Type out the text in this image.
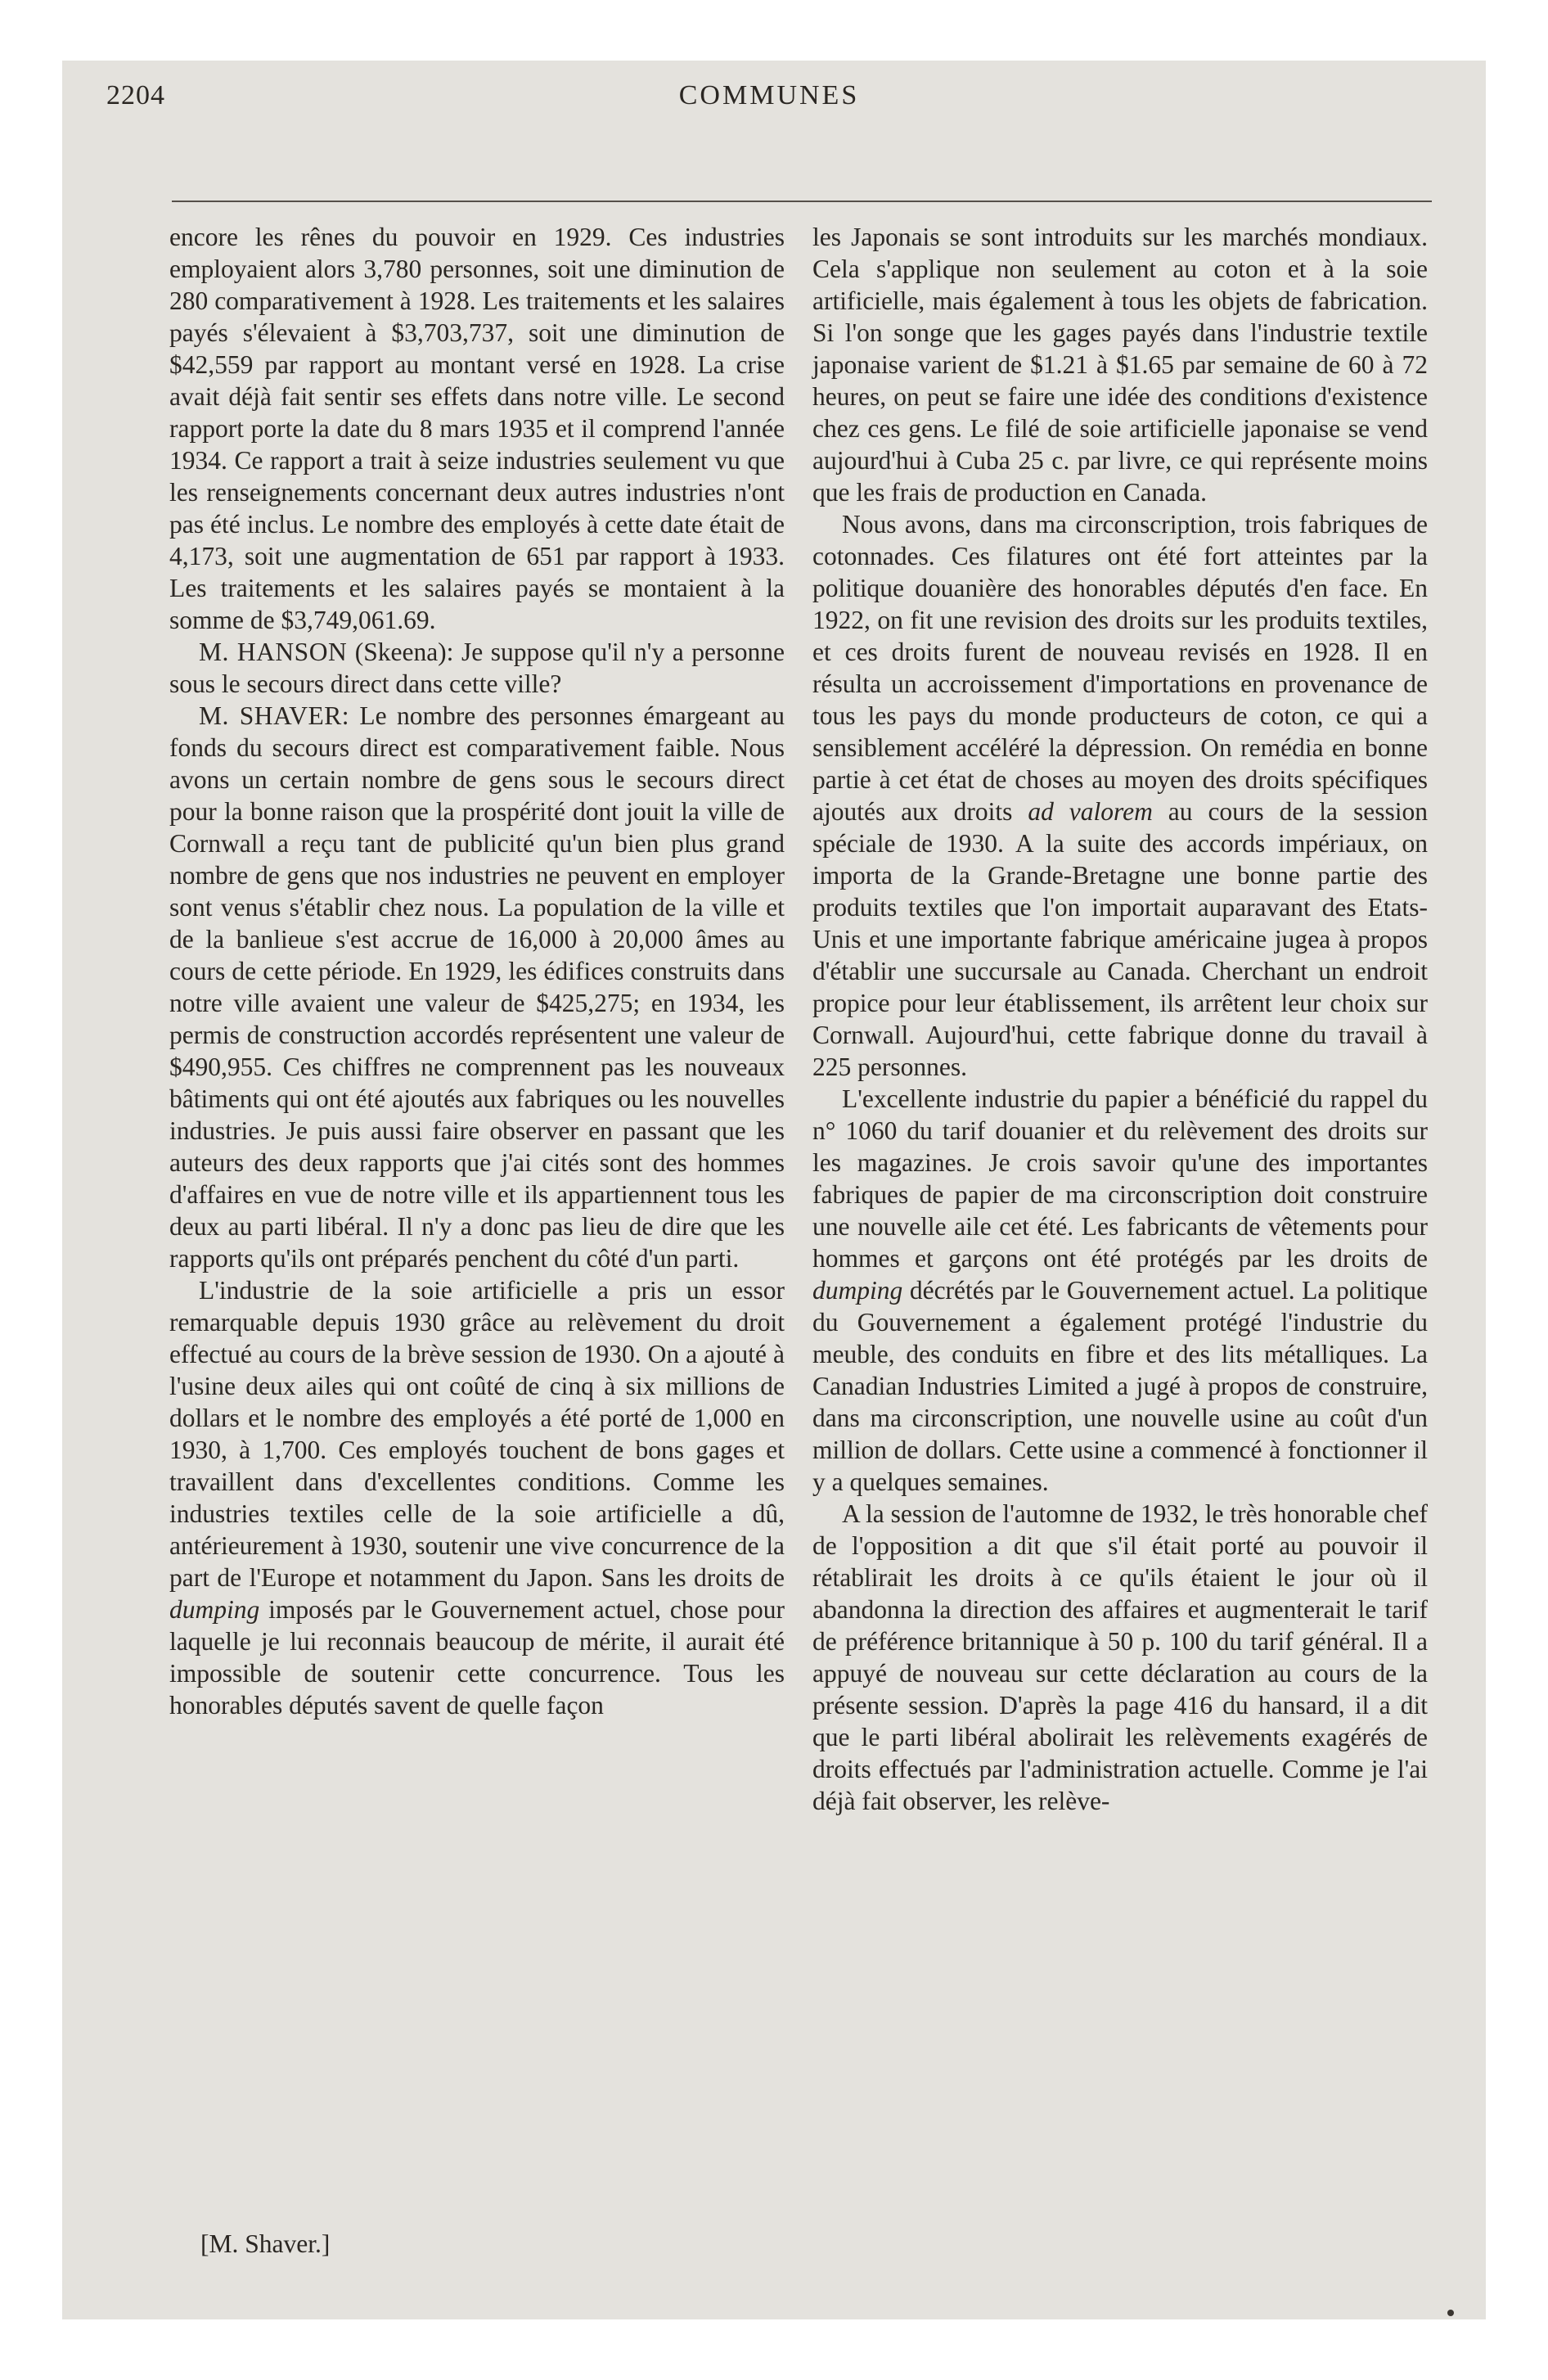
2204	COMMUNES

encore les rênes du pouvoir en 1929. Ces industries employaient alors 3,780 personnes, soit une diminution de 280 comparativement à 1928. Les traitements et les salaires payés s'élevaient à $3,703,737, soit une diminution de $42,559 par rapport au montant versé en 1928. La crise avait déjà fait sentir ses effets dans notre ville. Le second rapport porte la date du 8 mars 1935 et il comprend l'année 1934. Ce rapport a trait à seize industries seulement vu que les renseignements concernant deux autres industries n'ont pas été inclus. Le nombre des employés à cette date était de 4,173, soit une augmentation de 651 par rapport à 1933. Les traitements et les salaires payés se montaient à la somme de $3,749,061.69.

M. HANSON (Skeena): Je suppose qu'il n'y a personne sous le secours direct dans cette ville?

M. SHAVER: Le nombre des personnes émargeant au fonds du secours direct est comparativement faible. Nous avons un certain nombre de gens sous le secours direct pour la bonne raison que la prospérité dont jouit la ville de Cornwall a reçu tant de publicité qu'un bien plus grand nombre de gens que nos industries ne peuvent en employer sont venus s'établir chez nous. La population de la ville et de la banlieue s'est accrue de 16,000 à 20,000 âmes au cours de cette période. En 1929, les édifices construits dans notre ville avaient une valeur de $425,275; en 1934, les permis de construction accordés représentent une valeur de $490,955. Ces chiffres ne comprennent pas les nouveaux bâtiments qui ont été ajoutés aux fabriques ou les nouvelles industries. Je puis aussi faire observer en passant que les auteurs des deux rapports que j'ai cités sont des hommes d'affaires en vue de notre ville et ils appartiennent tous les deux au parti libéral. Il n'y a donc pas lieu de dire que les rapports qu'ils ont préparés penchent du côté d'un parti.

L'industrie de la soie artificielle a pris un essor remarquable depuis 1930 grâce au relèvement du droit effectué au cours de la brève session de 1930. On a ajouté à l'usine deux ailes qui ont coûté de cinq à six millions de dollars et le nombre des employés a été porté de 1,000 en 1930, à 1,700. Ces employés touchent de bons gages et travaillent dans d'excellentes conditions. Comme les industries textiles celle de la soie artificielle a dû, antérieurement à 1930, soutenir une vive concurrence de la part de l'Europe et notamment du Japon. Sans les droits de dumping imposés par le Gouvernement actuel, chose pour laquelle je lui reconnais beaucoup de mérite, il aurait été impossible de soutenir cette concurrence. Tous les honorables députés savent de quelle façon

[M. Shaver.]

les Japonais se sont introduits sur les marchés mondiaux. Cela s'applique non seulement au coton et à la soie artificielle, mais également à tous les objets de fabrication. Si l'on songe que les gages payés dans l'industrie textile japonaise varient de $1.21 à $1.65 par semaine de 60 à 72 heures, on peut se faire une idée des conditions d'existence chez ces gens. Le filé de soie artificielle japonaise se vend aujourd'hui à Cuba 25 c. par livre, ce qui représente moins que les frais de production en Canada.

Nous avons, dans ma circonscription, trois fabriques de cotonnades. Ces filatures ont été fort atteintes par la politique douanière des honorables députés d'en face. En 1922, on fit une revision des droits sur les produits textiles, et ces droits furent de nouveau revisés en 1928. Il en résulta un accroissement d'importations en provenance de tous les pays du monde producteurs de coton, ce qui a sensiblement accéléré la dépression. On remédia en bonne partie à cet état de choses au moyen des droits spécifiques ajoutés aux droits ad valorem au cours de la session spéciale de 1930. A la suite des accords impériaux, on importa de la Grande-Bretagne une bonne partie des produits textiles que l'on importait auparavant des Etats-Unis et une importante fabrique américaine jugea à propos d'établir une succursale au Canada. Cherchant un endroit propice pour leur établissement, ils arrêtent leur choix sur Cornwall. Aujourd'hui, cette fabrique donne du travail à 225 personnes.

L'excellente industrie du papier a bénéficié du rappel du n° 1060 du tarif douanier et du relèvement des droits sur les magazines. Je crois savoir qu'une des importantes fabriques de papier de ma circonscription doit construire une nouvelle aile cet été. Les fabricants de vêtements pour hommes et garçons ont été protégés par les droits de dumping décrétés par le Gouvernement actuel. La politique du Gouvernement a également protégé l'industrie du meuble, des conduits en fibre et des lits métalliques. La Canadian Industries Limited a jugé à propos de construire, dans ma circonscription, une nouvelle usine au coût d'un million de dollars. Cette usine a commencé à fonctionner il y a quelques semaines.

A la session de l'automne de 1932, le très honorable chef de l'opposition a dit que s'il était porté au pouvoir il rétablirait les droits à ce qu'ils étaient le jour où il abandonna la direction des affaires et augmenterait le tarif de préférence britannique à 50 p. 100 du tarif général. Il a appuyé de nouveau sur cette déclaration au cours de la présente session. D'après la page 416 du hansard, il a dit que le parti libéral abolirait les relèvements exagérés de droits effectués par l'administration actuelle. Comme je l'ai déjà fait observer, les relève-
